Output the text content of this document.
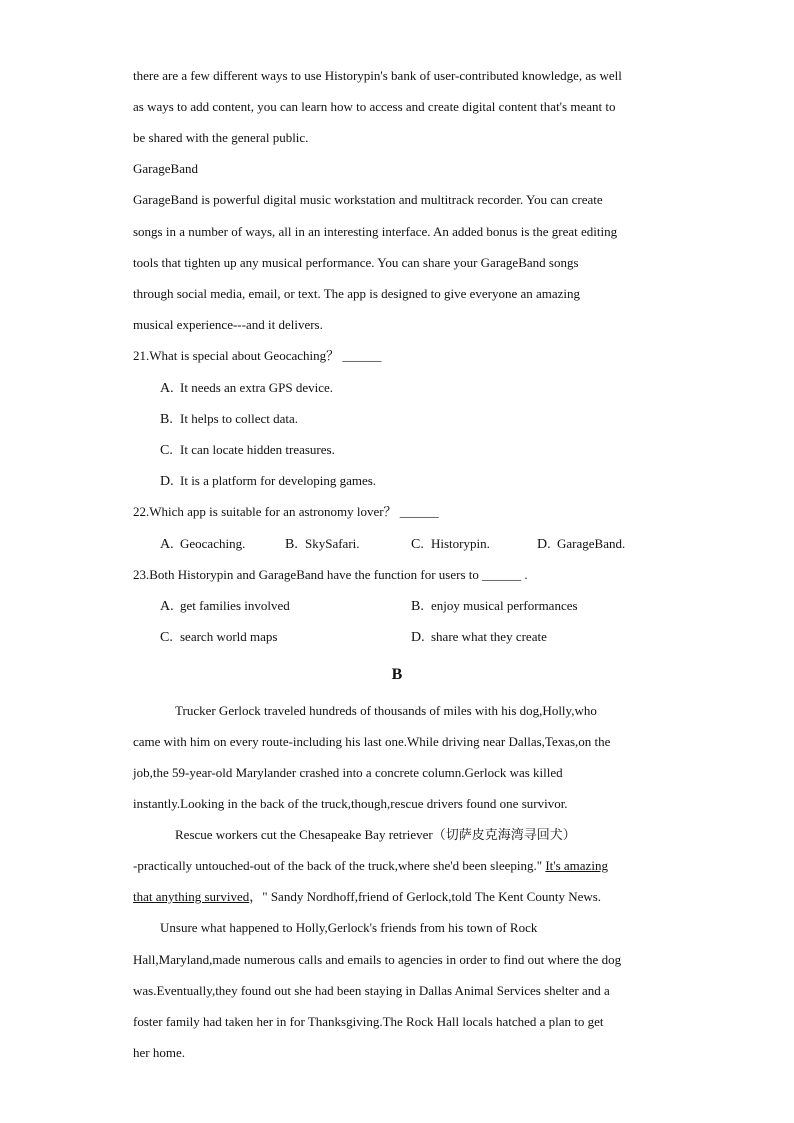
there are a few different ways to use Historypin's bank of user-contributed knowledge, as well
as ways to add content, you can learn how to access and create digital content that's meant to
be shared with the general public.
GarageBand
GarageBand is powerful digital music workstation and multitrack recorder. You can create
songs in a number of ways, all in an interesting interface. An added bonus is the great editing
tools that tighten up any musical performance. You can share your GarageBand songs
through social media, email, or text. The app is designed to give everyone an amazing
musical experience---and it delivers.
21.What is special about Geocaching？ ______
A. It needs an extra GPS device.
B. It helps to collect data.
C. It can locate hidden treasures.
D. It is a platform for developing games.
22.Which app is suitable for an astronomy lover？ ______
A. Geocaching.	B. SkySafari.	C. Historypin.	D. GarageBand.
23.Both Historypin and GarageBand have the function for users to ______ .
A. get families involved	B. enjoy musical performances
C. search world maps	D. share what they create
B
Trucker Gerlock traveled hundreds of thousands of miles with his dog,Holly,who
came with him on every route-including his last one.While driving near Dallas,Texas,on the
job,the 59-year-old Marylander crashed into a concrete column.Gerlock was killed
instantly.Looking in the back of the truck,though,rescue drivers found one survivor.
Rescue workers cut the Chesapeake Bay retriever（切萨皮克海湾寻回犬）
-practically untouched-out of the back of the truck,where she'd been sleeping." It's amazing
that anything survived，" Sandy Nordhoff,friend of Gerlock,told The Kent County News.
Unsure what happened to Holly,Gerlock's friends from his town of Rock
Hall,Maryland,made numerous calls and emails to agencies in order to find out where the dog
was.Eventually,they found out she had been staying in Dallas Animal Services shelter and a
foster family had taken her in for Thanksgiving.The Rock Hall locals hatched a plan to get
her home.
